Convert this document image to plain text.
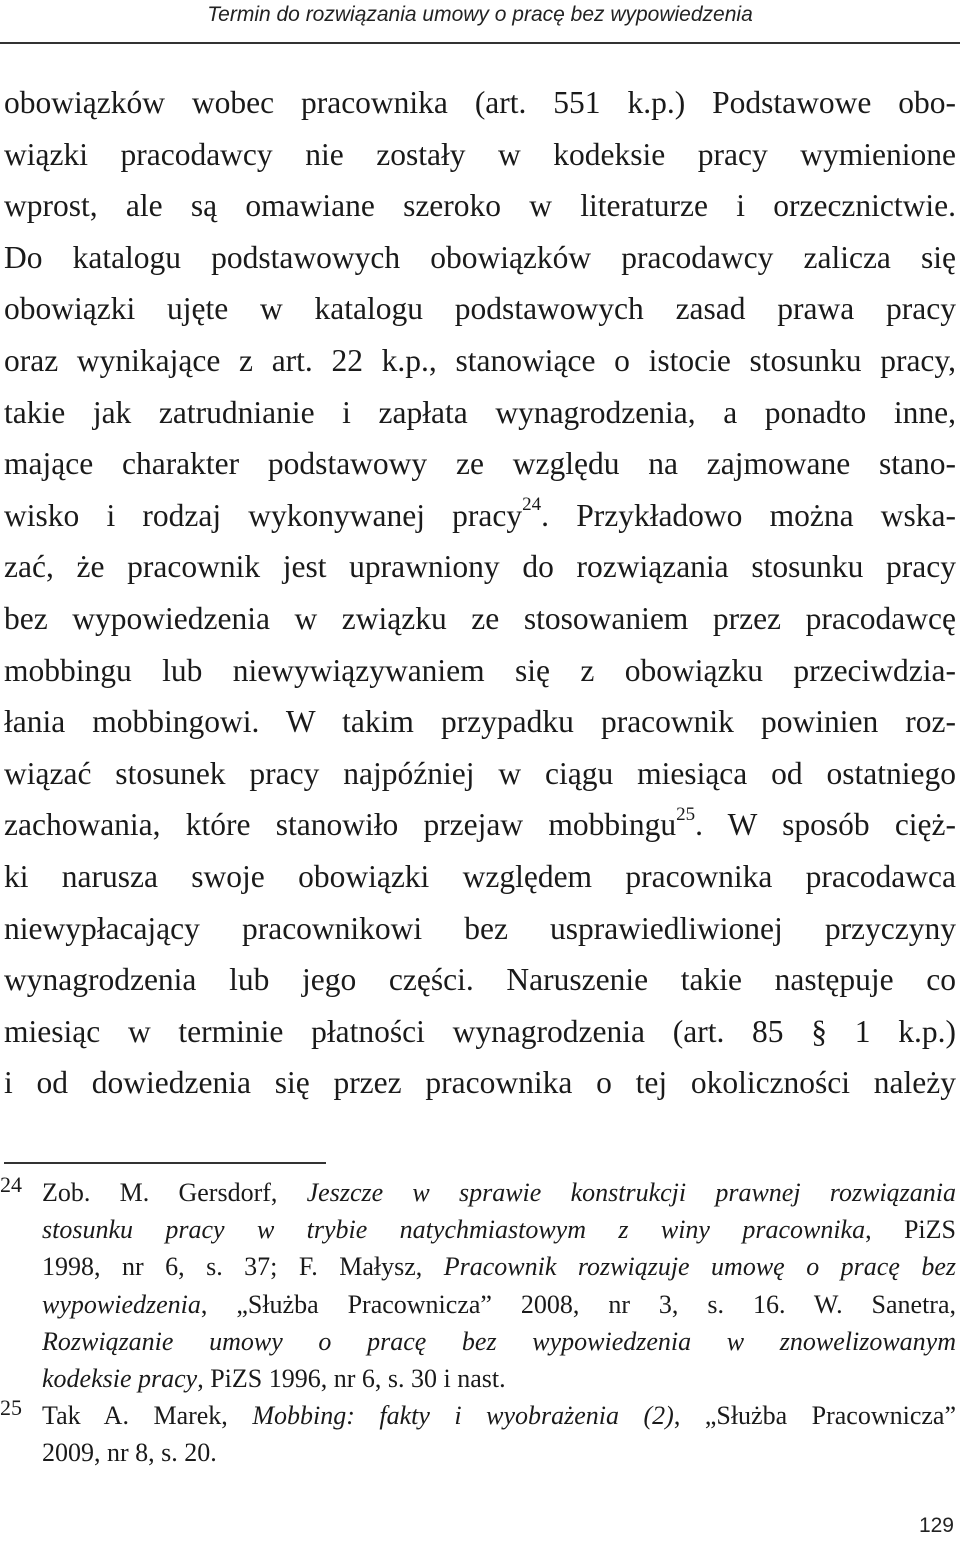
Termin do rozwiązania umowy o pracę bez wypowiedzenia
obowiązków wobec pracownika (art. 551 k.p.) Podstawowe obo-
wiązki pracodawcy nie zostały w kodeksie pracy wymienione
wprost, ale są omawiane szeroko w literaturze i orzecznictwie.
Do katalogu podstawowych obowiązków pracodawcy zalicza się
obowiązki ujęte w katalogu podstawowych zasad prawa pracy
oraz wynikające z art. 22 k.p., stanowiące o istocie stosunku pracy,
takie jak zatrudnianie i zapłata wynagrodzenia, a ponadto inne,
mające charakter podstawowy ze względu na zajmowane stano-
wisko i rodzaj wykonywanej pracy$^{24}$. Przykładowo można wska-
zać, że pracownik jest uprawniony do rozwiązania stosunku pracy
bez wypowiedzenia w związku ze stosowaniem przez pracodawcę
mobbingu lub niewywiązywaniem się z obowiązku przeciwdzia-
łania mobbingowi. W takim przypadku pracownik powinien roz-
wiązać stosunek pracy najpóźniej w ciągu miesiąca od ostatniego
zachowania, które stanowiło przejaw mobbingu$^{25}$. W sposób cięż-
ki narusza swoje obowiązki względem pracownika pracodawca
niewypłacający pracownikowi bez usprawiedliwionej przyczyny
wynagrodzenia lub jego części. Naruszenie takie następuje co
miesiąc w terminie płatności wynagrodzenia (art. 85 § 1 k.p.)
i od dowiedzenia się przez pracownika o tej okoliczności należy
24 Zob. M. Gersdorf, Jeszcze w sprawie konstrukcji prawnej rozwiązania
stosunku pracy w trybie natychmiastowym z winy pracownika, PiZS
1998, nr 6, s. 37; F. Małysz, Pracownik rozwiązuje umowę o pracę bez
wypowiedzenia, „Służba Pracownicza” 2008, nr 3, s. 16. W. Sanetra,
Rozwiązanie umowy o pracę bez wypowiedzenia w znowelizowanym
kodeksie pracy, PiZS 1996, nr 6, s. 30 i nast.
25 Tak A. Marek, Mobbing: fakty i wyobrażenia (2), „Służba Pracownicza”
2009, nr 8, s. 20.
129
